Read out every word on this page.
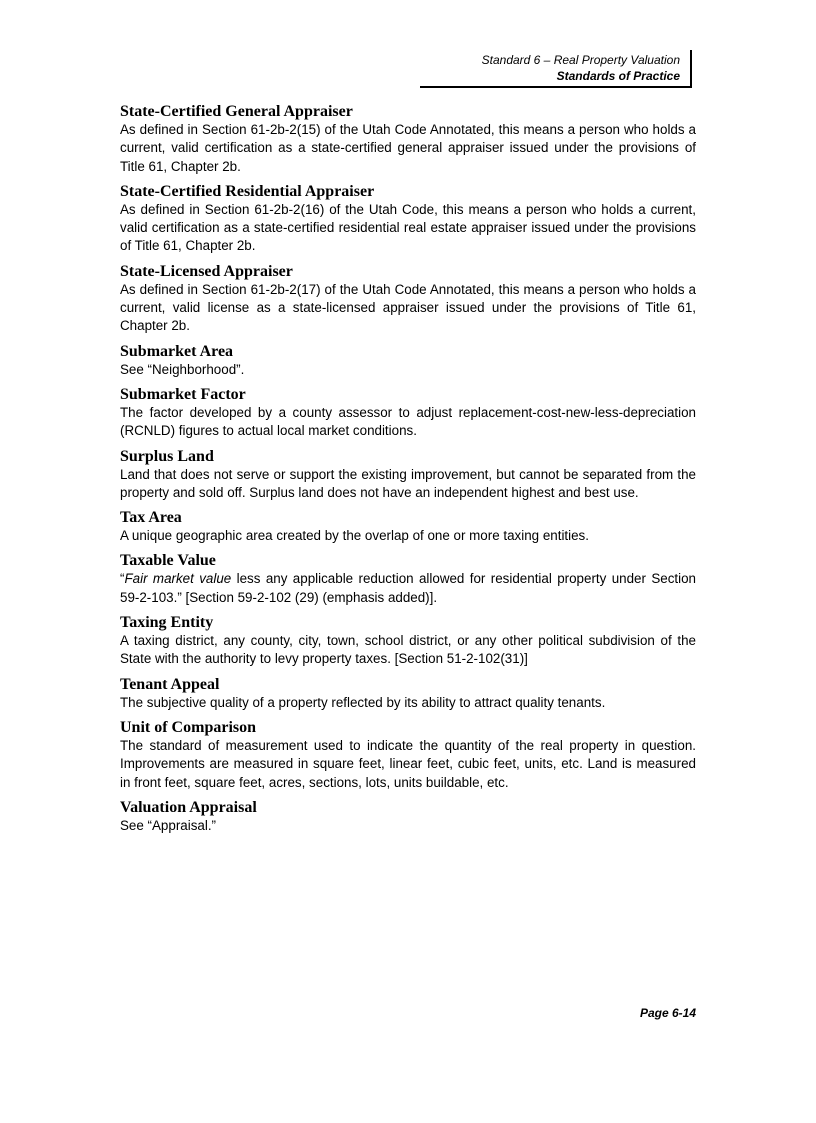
Standard 6 – Real Property Valuation
Standards of Practice

State-Certified General Appraiser

As defined in Section 61-2b-2(15) of the Utah Code Annotated, this means a person who holds a current, valid certification as a state-certified general appraiser issued under the provisions of Title 61, Chapter 2b.

State-Certified Residential Appraiser

As defined in Section 61-2b-2(16) of the Utah Code, this means a person who holds a current, valid certification as a state-certified residential real estate appraiser issued under the provisions of Title 61, Chapter 2b.

State-Licensed Appraiser

As defined in Section 61-2b-2(17) of the Utah Code Annotated, this means a person who holds a current, valid license as a state-licensed appraiser issued under the provisions of Title 61, Chapter 2b.

Submarket Area

See “Neighborhood”.

Submarket Factor

The factor developed by a county assessor to adjust replacement-cost-new-less-depreciation (RCNLD) figures to actual local market conditions.

Surplus Land

Land that does not serve or support the existing improvement, but cannot be separated from the property and sold off. Surplus land does not have an independent highest and best use.

Tax Area

A unique geographic area created by the overlap of one or more taxing entities.

Taxable Value

“Fair market value less any applicable reduction allowed for residential property under Section 59-2-103.” [Section 59-2-102 (29) (emphasis added)].

Taxing Entity

A taxing district, any county, city, town, school district, or any other political subdivision of the State with the authority to levy property taxes. [Section 51-2-102(31)]

Tenant Appeal

The subjective quality of a property reflected by its ability to attract quality tenants.

Unit of Comparison

The standard of measurement used to indicate the quantity of the real property in question. Improvements are measured in square feet, linear feet, cubic feet, units, etc. Land is measured in front feet, square feet, acres, sections, lots, units buildable, etc.

Valuation Appraisal

See “Appraisal.”

Page 6-14
